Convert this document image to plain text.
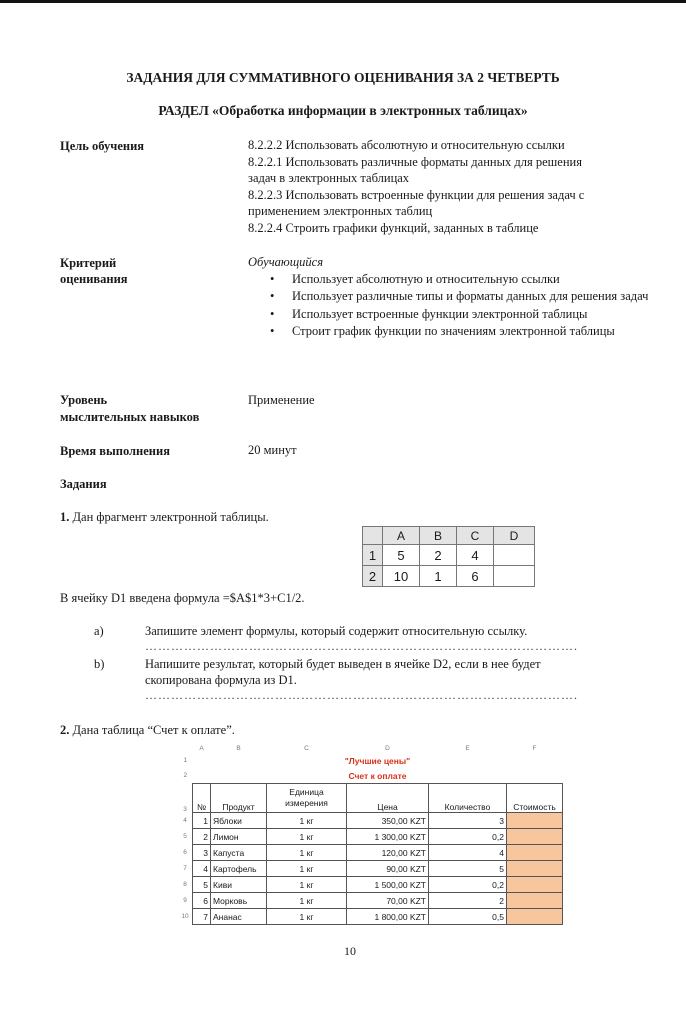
ЗАДАНИЯ ДЛЯ СУММАТИВНОГО ОЦЕНИВАНИЯ ЗА 2 ЧЕТВЕРТЬ
РАЗДЕЛ «Обработка информации в электронных таблицах»
Цель обучения	8.2.2.2 Использовать абсолютную и относительную ссылки
8.2.2.1 Использовать различные форматы данных для решения
задач в электронных таблицах
8.2.2.3 Использовать встроенные функции для решения задач с
применением электронных таблиц
8.2.2.4 Строить графики функций, заданных в таблице
Критерий
оценивания
Обучающийся
• Использует абсолютную и относительную ссылки
• Использует различные типы и форматы данных для решения задач
• Использует встроенные функции электронной таблицы
• Строит график функции по значениям электронной таблицы
Уровень
мыслительных навыков
Применение
Время выполнения	20 минут
Задания
1. Дан фрагмент электронной таблицы.
	A	B	C	D
1	5	2	4	
2	10	1	6	
В ячейку D1 введена формула =$A$1*3+C1/2.
a)	Запишите элемент формулы, который содержит относительную ссылку.
……………………………………………………………………………………….
b)	Напишите результат, который будет выведен в ячейке D2, если в нее будет
скопирована формула из D1.
……………………………………………………………………………………….
2. Дана таблица “Счет к оплате”.
	A	B	C	D	E	F
1	"Лучшие цены"					
2	Счет к оплате					
3	№	Продукт	Единица
измерения	Цена	Количество	Стоимость
4	1	Яблоки	1 кг	350,00 KZT	3	
5	2	Лимон	1 кг	1 300,00 KZT	0,2	
6	3	Капуста	1 кг	120,00 KZT	4	
7	4	Картофель	1 кг	90,00 KZT	5	
8	5	Киви	1 кг	1 500,00 KZT	0,2	
9	6	Морковь	1 кг	70,00 KZT	2	
10	7	Ананас	1 кг	1 800,00 KZT	0,5	
10
